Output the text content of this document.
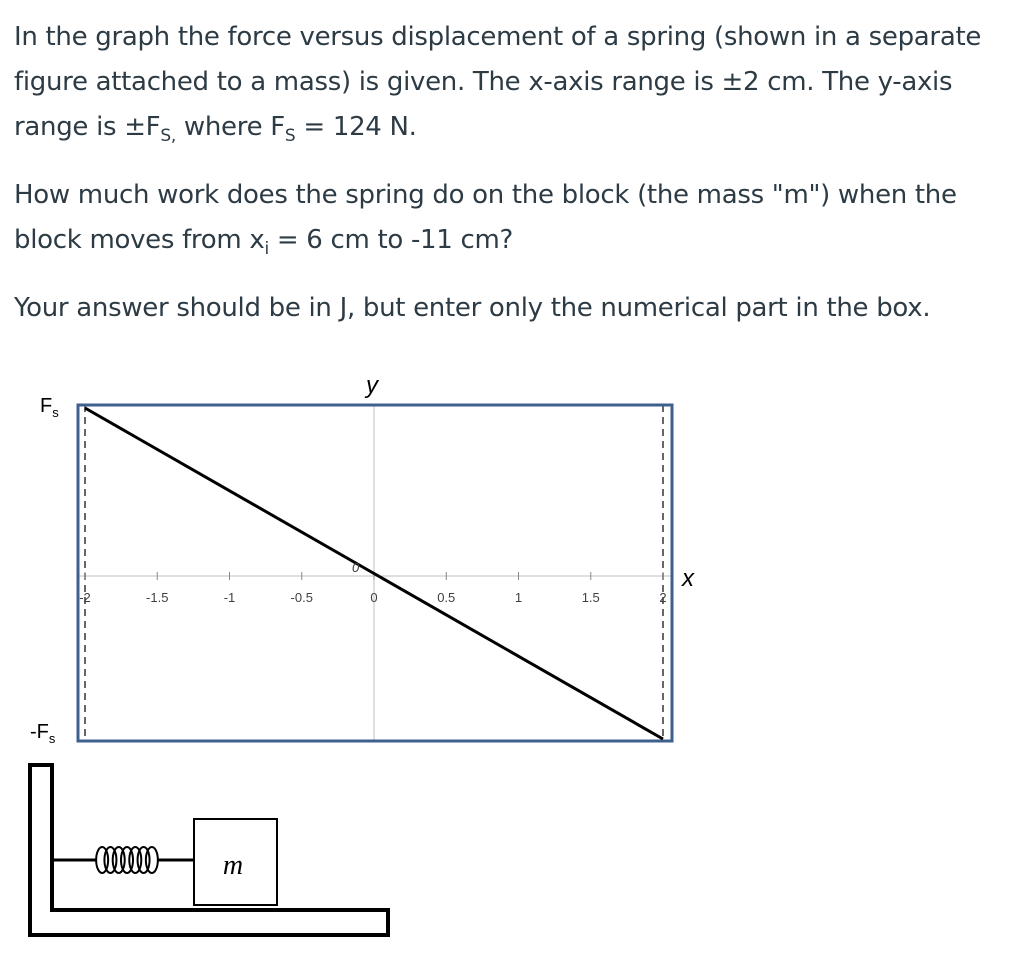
In the graph the force versus displacement of a spring (shown in a separate figure attached to a mass) is given. The x-axis range is ±2 cm. The y-axis range is $\pm F_{S,}$ where $F_S = 124$ N.

How much work does the spring do on the block (the mass "m") when the block moves from $x_i = 6$ cm to -11 cm?

Your answer should be in J, but enter only the numerical part in the box.

-2	-1.5	-1	-0.5	0	0.5	1	1.5	2
0
y
x
$F_s$
$-F_s$
m
